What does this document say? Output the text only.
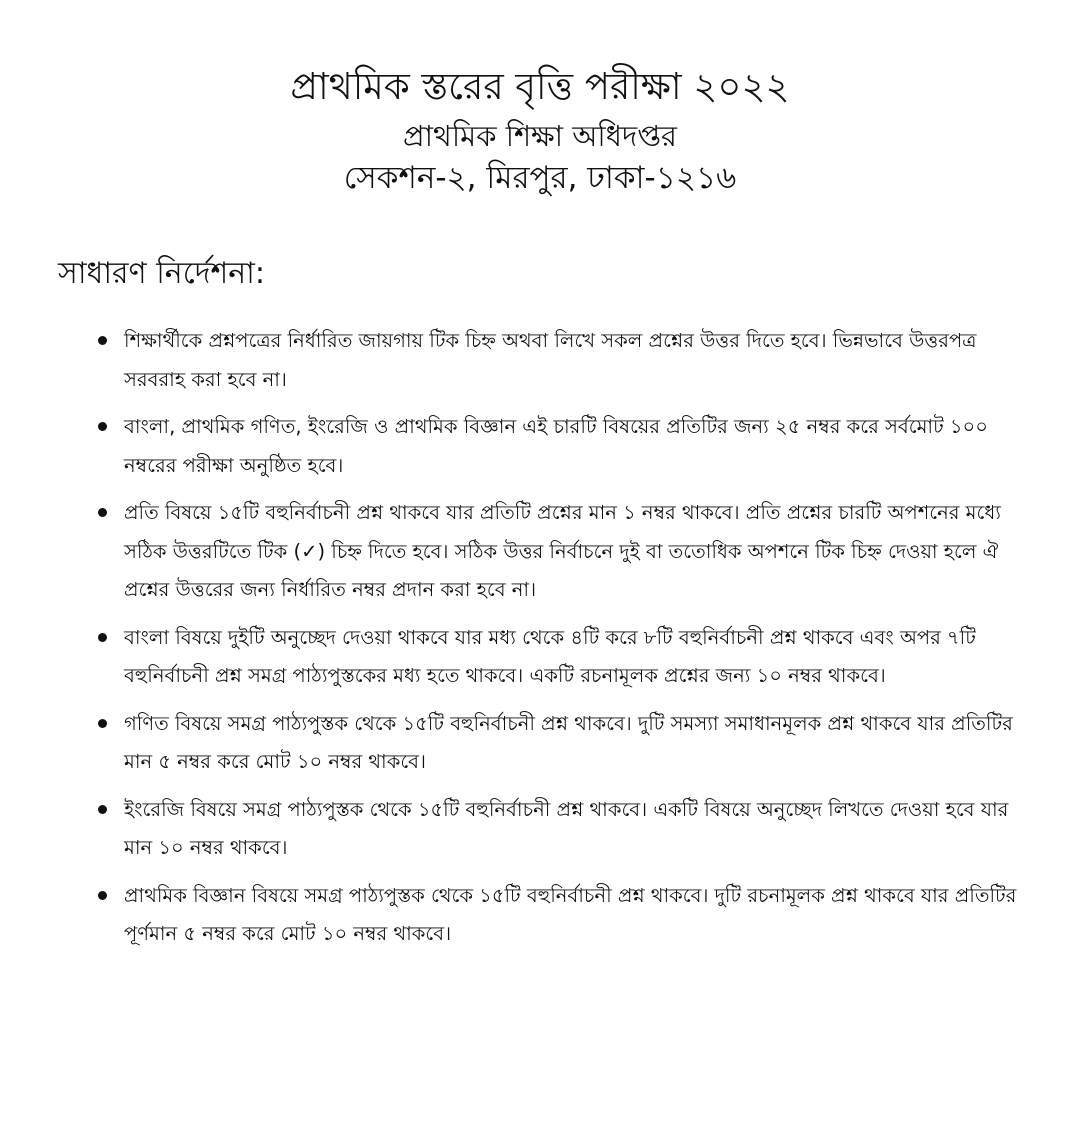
প্রাথমিক স্তরের বৃত্তি পরীক্ষা ২০২২
প্রাথমিক শিক্ষা অধিদপ্তর
সেকশন-২, মিরপুর, ঢাকা-১২১৬
সাধারণ নির্দেশনা:
শিক্ষার্থীকে প্রশ্নপত্রের নির্ধারিত জায়গায় টিক চিহ্ন অথবা লিখে সকল প্রশ্নের উত্তর দিতে হবে। ভিন্নভাবে উত্তরপত্র সরবরাহ করা হবে না।
বাংলা, প্রাথমিক গণিত, ইংরেজি ও প্রাথমিক বিজ্ঞান এই চারটি বিষয়ের প্রতিটির জন্য ২৫ নম্বর করে সর্বমোট ১০০ নম্বরের পরীক্ষা অনুষ্ঠিত হবে।
প্রতি বিষয়ে ১৫টি বহুনির্বাচনী প্রশ্ন থাকবে যার প্রতিটি প্রশ্নের মান ১ নম্বর থাকবে। প্রতি প্রশ্নের চারটি অপশনের মধ্যে সঠিক উত্তরটিতে টিক (✓) চিহ্ন দিতে হবে। সঠিক উত্তর নির্বাচনে দুই বা ততোধিক অপশনে টিক চিহ্ন দেওয়া হলে ঐ প্রশ্নের উত্তরের জন্য নির্ধারিত নম্বর প্রদান করা হবে না।
বাংলা বিষয়ে দুইটি অনুচ্ছেদ দেওয়া থাকবে যার মধ্য থেকে ৪টি করে ৮টি বহুনির্বাচনী প্রশ্ন থাকবে এবং অপর ৭টি বহুনির্বাচনী প্রশ্ন সমগ্র পাঠ্যপুস্তকের মধ্য হতে থাকবে। একটি রচনামূলক প্রশ্নের জন্য ১০ নম্বর থাকবে।
গণিত বিষয়ে সমগ্র পাঠ্যপুস্তক থেকে ১৫টি বহুনির্বাচনী প্রশ্ন থাকবে। দুটি সমস্যা সমাধানমূলক প্রশ্ন থাকবে যার প্রতিটির মান ৫ নম্বর করে মোট ১০ নম্বর থাকবে।
ইংরেজি বিষয়ে সমগ্র পাঠ্যপুস্তক থেকে ১৫টি বহুনির্বাচনী প্রশ্ন থাকবে। একটি বিষয়ে অনুচ্ছেদ লিখতে দেওয়া হবে যার মান ১০ নম্বর থাকবে।
প্রাথমিক বিজ্ঞান বিষয়ে সমগ্র পাঠ্যপুস্তক থেকে ১৫টি বহুনির্বাচনী প্রশ্ন থাকবে। দুটি রচনামূলক প্রশ্ন থাকবে যার প্রতিটির পূর্ণমান ৫ নম্বর করে মোট ১০ নম্বর থাকবে।
